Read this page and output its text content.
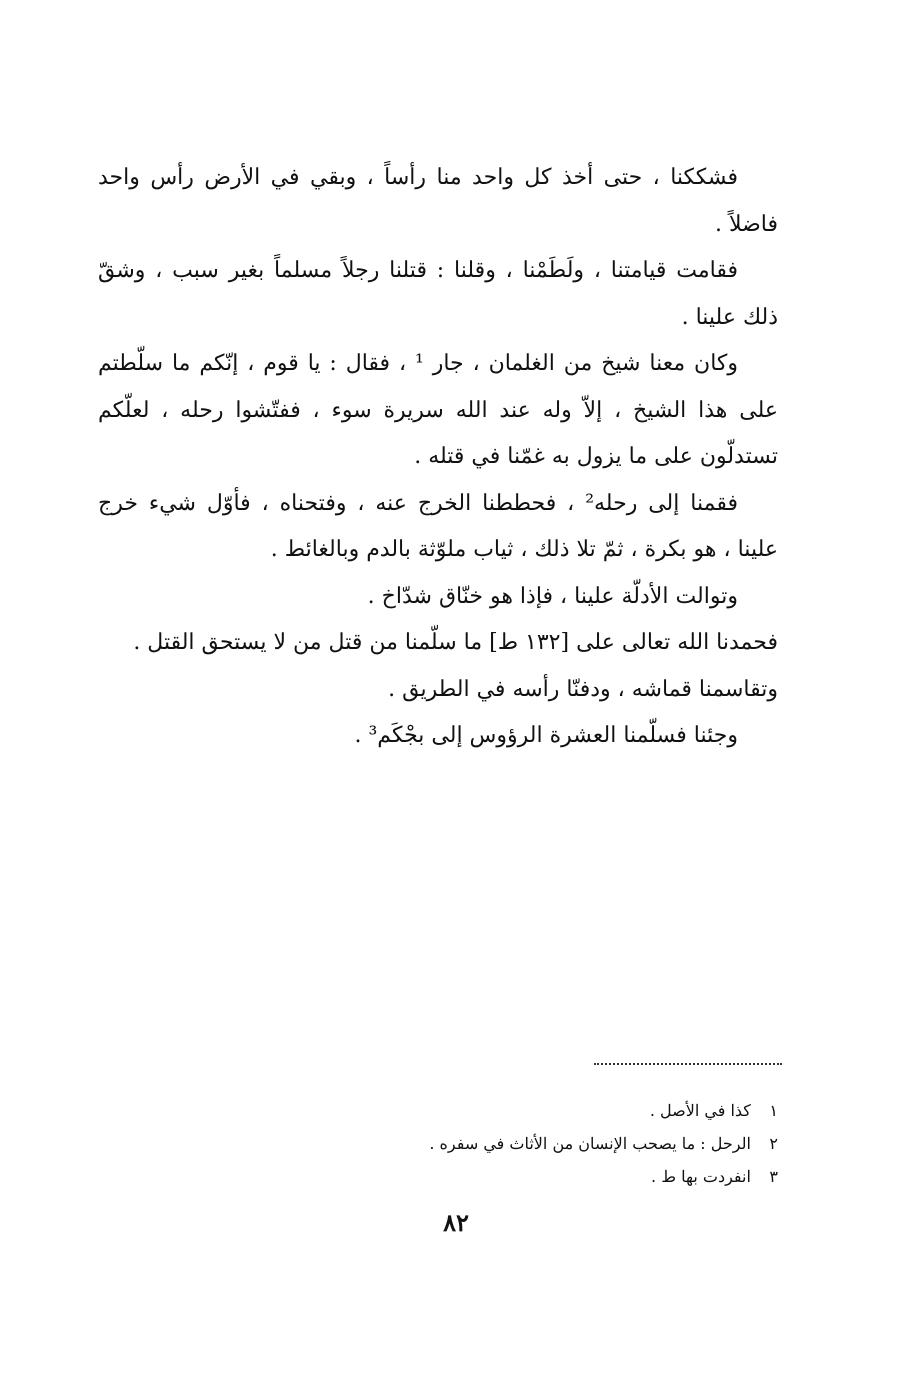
فشككنا ، حتى أخذ كل واحد منا رأساً ، وبقي في الأرض رأس واحد فاضلاً .

فقامت قيامتنا ، ولَطَمْنا ، وقلنا : قتلنا رجلاً مسلماً بغير سبب ، وشقّ ذلك علينا .

وكان معنا شيخ من الغلمان ، جار ¹ ، فقال : يا قوم ، إنّكم ما سلّطتم على هذا الشيخ ، إلاّ وله عند الله سريرة سوء ، ففتّشوا رحله ، لعلّكم تستدلّون على ما يزول به غمّنا في قتله .

فقمنا إلى رحله² ، فحططنا الخرج عنه ، وفتحناه ، فأوّل شيء خرج علينا ، هو بكرة ، ثمّ تلا ذلك ، ثياب ملوّثة بالدم وبالغائط .

وتوالت الأدلّة علينا ، فإذا هو خنّاق شدّاخ .

فحمدنا الله تعالى على [١٣٢ ط] ما سلّمنا من قتل من لا يستحق القتل .

وتقاسمنا قماشه ، ودفنّا رأسه في الطريق .

وجئنا فسلّمنا العشرة الرؤوس إلى بجْكَم³ .

١ كذا في الأصل .

٢ الرحل : ما يصحب الإنسان من الأثاث في سفره .

٣ انفردت بها ط .

٨٢
